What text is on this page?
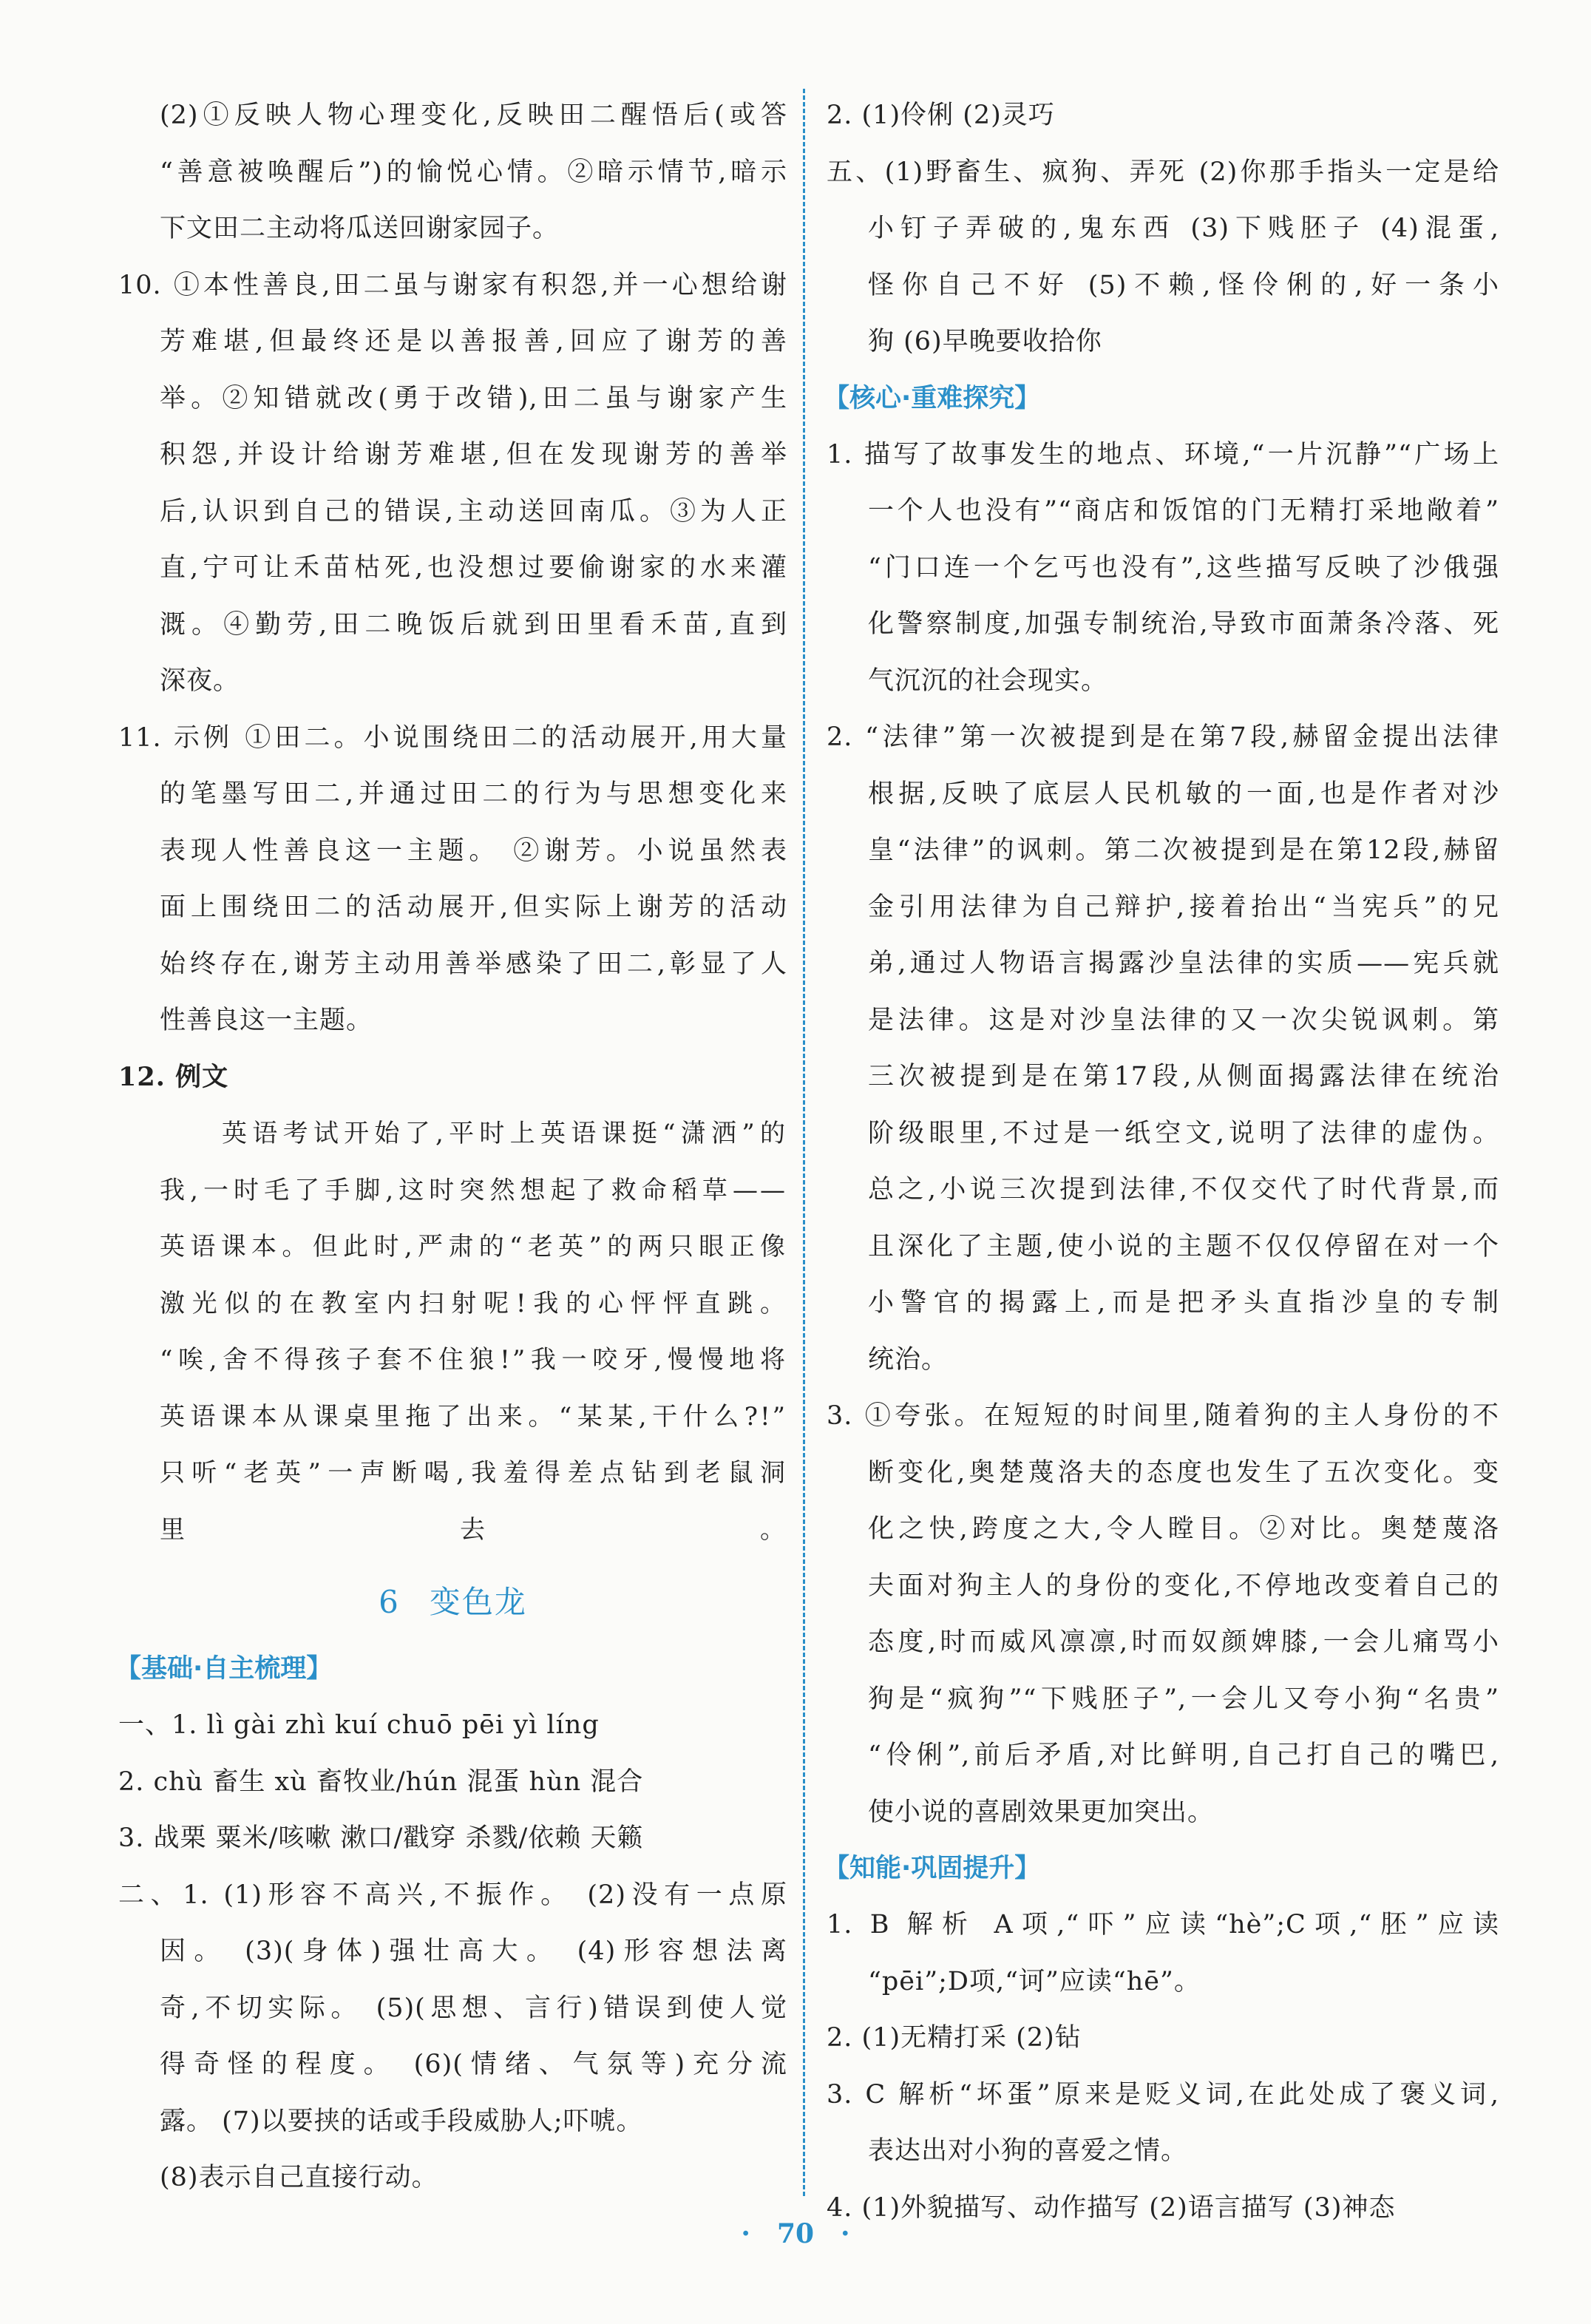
(2)①反映人物心理变化,反映田二醒悟后(或答
“善意被唤醒后”)的愉悦心情。②暗示情节,暗示
下文田二主动将瓜送回谢家园子。
10. ①本性善良,田二虽与谢家有积怨,并一心想给谢
芳难堪,但最终还是以善报善,回应了谢芳的善
举。②知错就改(勇于改错),田二虽与谢家产生
积怨,并设计给谢芳难堪,但在发现谢芳的善举
后,认识到自己的错误,主动送回南瓜。③为人正
直,宁可让禾苗枯死,也没想过要偷谢家的水来灌
溉。④勤劳,田二晚饭后就到田里看禾苗,直到
深夜。
11. 示例 ①田二。小说围绕田二的活动展开,用大量
的笔墨写田二,并通过田二的行为与思想变化来
表现人性善良这一主题。 ②谢芳。小说虽然表
面上围绕田二的活动展开,但实际上谢芳的活动
始终存在,谢芳主动用善举感染了田二,彰显了人
性善良这一主题。
12. 例文
英语考试开始了,平时上英语课挺“潇洒”的
我,一时毛了手脚,这时突然想起了救命稻草——
英语课本。但此时,严肃的“老英”的两只眼正像
激光似的在教室内扫射呢!我的心怦怦直跳。
“唉,舍不得孩子套不住狼!”我一咬牙,慢慢地将
英语课本从课桌里拖了出来。“某某,干什么?!”
只听“老英”一声断喝,我羞得差点钻到老鼠洞
里去。
6 变色龙
【基础·自主梳理】
一、1. lì gài zhì kuí chuō pēi yì líng
2. chù 畜生 xù 畜牧业/hún 混蛋 hùn 混合
3. 战栗 粟米/咳嗽 漱口/戳穿 杀戮/依赖 天籁
二、1. (1)形容不高兴,不振作。 (2)没有一点原
因。 (3)(身体)强壮高大。 (4)形容想法离
奇,不切实际。 (5)(思想、言行)错误到使人觉
得奇怪的程度。 (6)(情绪、气氛等)充分流
露。 (7)以要挟的话或手段威胁人;吓唬。
(8)表示自己直接行动。
2. (1)伶俐 (2)灵巧
五、(1)野畜生、疯狗、弄死 (2)你那手指头一定是给
小钉子弄破的,鬼东西 (3)下贱胚子 (4)混蛋,
怪你自己不好 (5)不赖,怪伶俐的,好一条小
狗 (6)早晚要收拾你
【核心·重难探究】
1. 描写了故事发生的地点、环境,“一片沉静”“广场上
一个人也没有”“商店和饭馆的门无精打采地敞着”
“门口连一个乞丐也没有”,这些描写反映了沙俄强
化警察制度,加强专制统治,导致市面萧条冷落、死
气沉沉的社会现实。
2. “法律”第一次被提到是在第7段,赫留金提出法律
根据,反映了底层人民机敏的一面,也是作者对沙
皇“法律”的讽刺。第二次被提到是在第12段,赫留
金引用法律为自己辩护,接着抬出“当宪兵”的兄
弟,通过人物语言揭露沙皇法律的实质——宪兵就
是法律。这是对沙皇法律的又一次尖锐讽刺。第
三次被提到是在第17段,从侧面揭露法律在统治
阶级眼里,不过是一纸空文,说明了法律的虚伪。
总之,小说三次提到法律,不仅交代了时代背景,而
且深化了主题,使小说的主题不仅仅停留在对一个
小警官的揭露上,而是把矛头直指沙皇的专制
统治。
3. ①夸张。在短短的时间里,随着狗的主人身份的不
断变化,奥楚蔑洛夫的态度也发生了五次变化。变
化之快,跨度之大,令人瞠目。②对比。奥楚蔑洛
夫面对狗主人的身份的变化,不停地改变着自己的
态度,时而威风凛凛,时而奴颜婢膝,一会儿痛骂小
狗是“疯狗”“下贱胚子”,一会儿又夸小狗“名贵”
“伶俐”,前后矛盾,对比鲜明,自己打自己的嘴巴,
使小说的喜剧效果更加突出。
【知能·巩固提升】
1. B 解析 A项,“吓”应读“hè”;C项,“胚”应读
“pēi”;D项,“诃”应读“hē”。
2. (1)无精打采 (2)钻
3. C 解析“坏蛋”原来是贬义词,在此处成了褒义词,
表达出对小狗的喜爱之情。
4. (1)外貌描写、动作描写 (2)语言描写 (3)神态
· 70 ·
